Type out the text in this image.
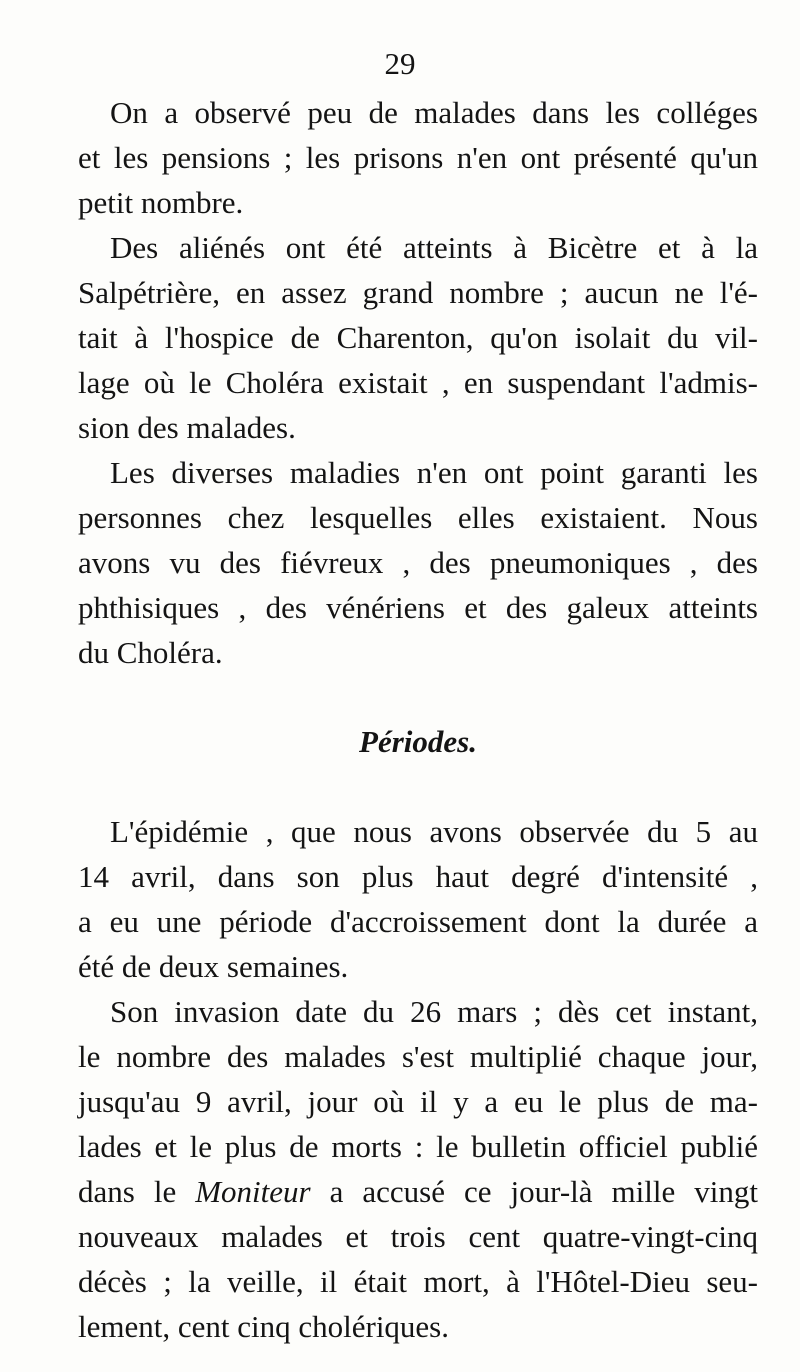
29

On a observé peu de malades dans les colléges
et les pensions ; les prisons n'en ont présenté qu'un
petit nombre.

Des aliénés ont été atteints à Bicètre et à la
Salpétrière, en assez grand nombre ; aucun ne l'é-
tait à l'hospice de Charenton, qu'on isolait du vil-
lage où le Choléra existait , en suspendant l'admis-
sion des malades.

Les diverses maladies n'en ont point garanti les
personnes chez lesquelles elles existaient. Nous
avons vu des fiévreux , des pneumoniques , des
phthisiques , des vénériens et des galeux atteints
du Choléra.

Périodes.

L'épidémie , que nous avons observée du 5 au
14 avril, dans son plus haut degré d'intensité ,
a eu une période d'accroissement dont la durée a
été de deux semaines.

Son invasion date du 26 mars ; dès cet instant,
le nombre des malades s'est multiplié chaque jour,
jusqu'au 9 avril, jour où il y a eu le plus de ma-
lades et le plus de morts : le bulletin officiel publié
dans le Moniteur a accusé ce jour-là mille vingt
nouveaux malades et trois cent quatre-vingt-cinq
décès ; la veille, il était mort, à l'Hôtel-Dieu seu-
lement, cent cinq cholériques.
